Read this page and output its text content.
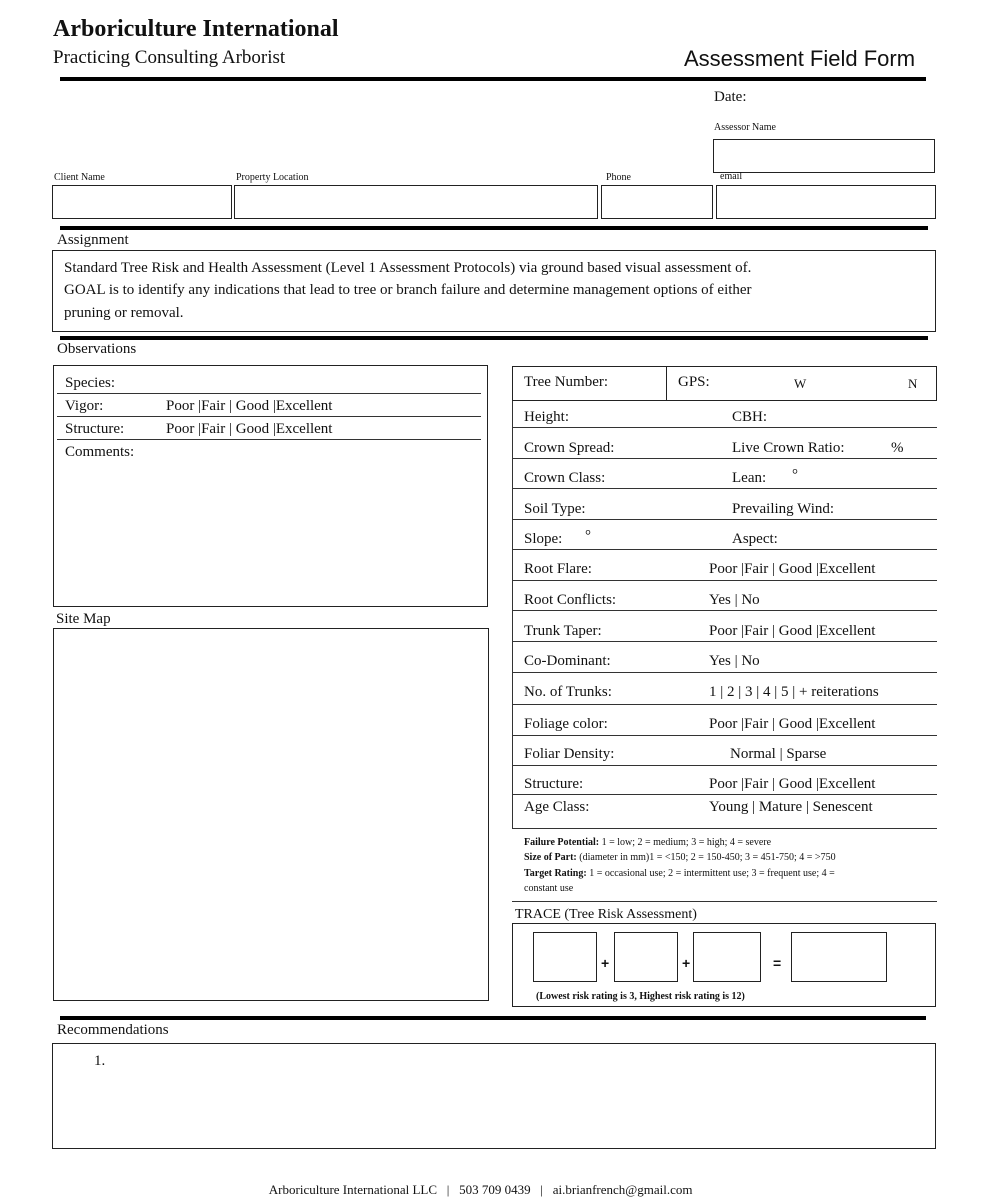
Arboriculture International
Practicing Consulting Arborist	Assessment Field Form
Date:
Assessor Name
Client Name	Property Location	Phone	email
Assignment
Standard Tree Risk and Health Assessment (Level 1 Assessment Protocols) via ground based visual assessment of.
GOAL is to identify any indications that lead to tree or branch failure and determine management options of either
pruning or removal.
Observations
Species:
Vigor:	Poor |Fair | Good |Excellent
Structure:	Poor |Fair | Good |Excellent
Comments:
Site Map
Tree Number:	GPS:	W	N
Height:	CBH:
Crown Spread:	Live Crown Ratio:	%
Crown Class:	Lean: °
Soil Type:	Prevailing Wind:
Slope: °	Aspect:
Root Flare:	Poor |Fair | Good |Excellent
Root Conflicts:	Yes | No
Trunk Taper:	Poor |Fair | Good |Excellent
Co-Dominant:	Yes | No
No. of Trunks:	1 | 2 | 3 | 4 | 5 | + reiterations
Foliage color:	Poor |Fair | Good |Excellent
Foliar Density:	Normal | Sparse
Structure:	Poor |Fair | Good |Excellent
Age Class:	Young | Mature | Senescent
Failure Potential: 1 = low; 2 = medium; 3 = high; 4 = severe
Size of Part: (diameter in mm)1 = <150; 2 = 150-450; 3 = 451-750; 4 = >750
Target Rating: 1 = occasional use; 2 = intermittent use; 3 = frequent use; 4 =
constant use
TRACE (Tree Risk Assessment)
+	+	=
(Lowest risk rating is 3, Highest risk rating is 12)
Recommendations
1.

Arboriculture International LLC | 503 709 0439 | ai.brianfrench@gmail.com
